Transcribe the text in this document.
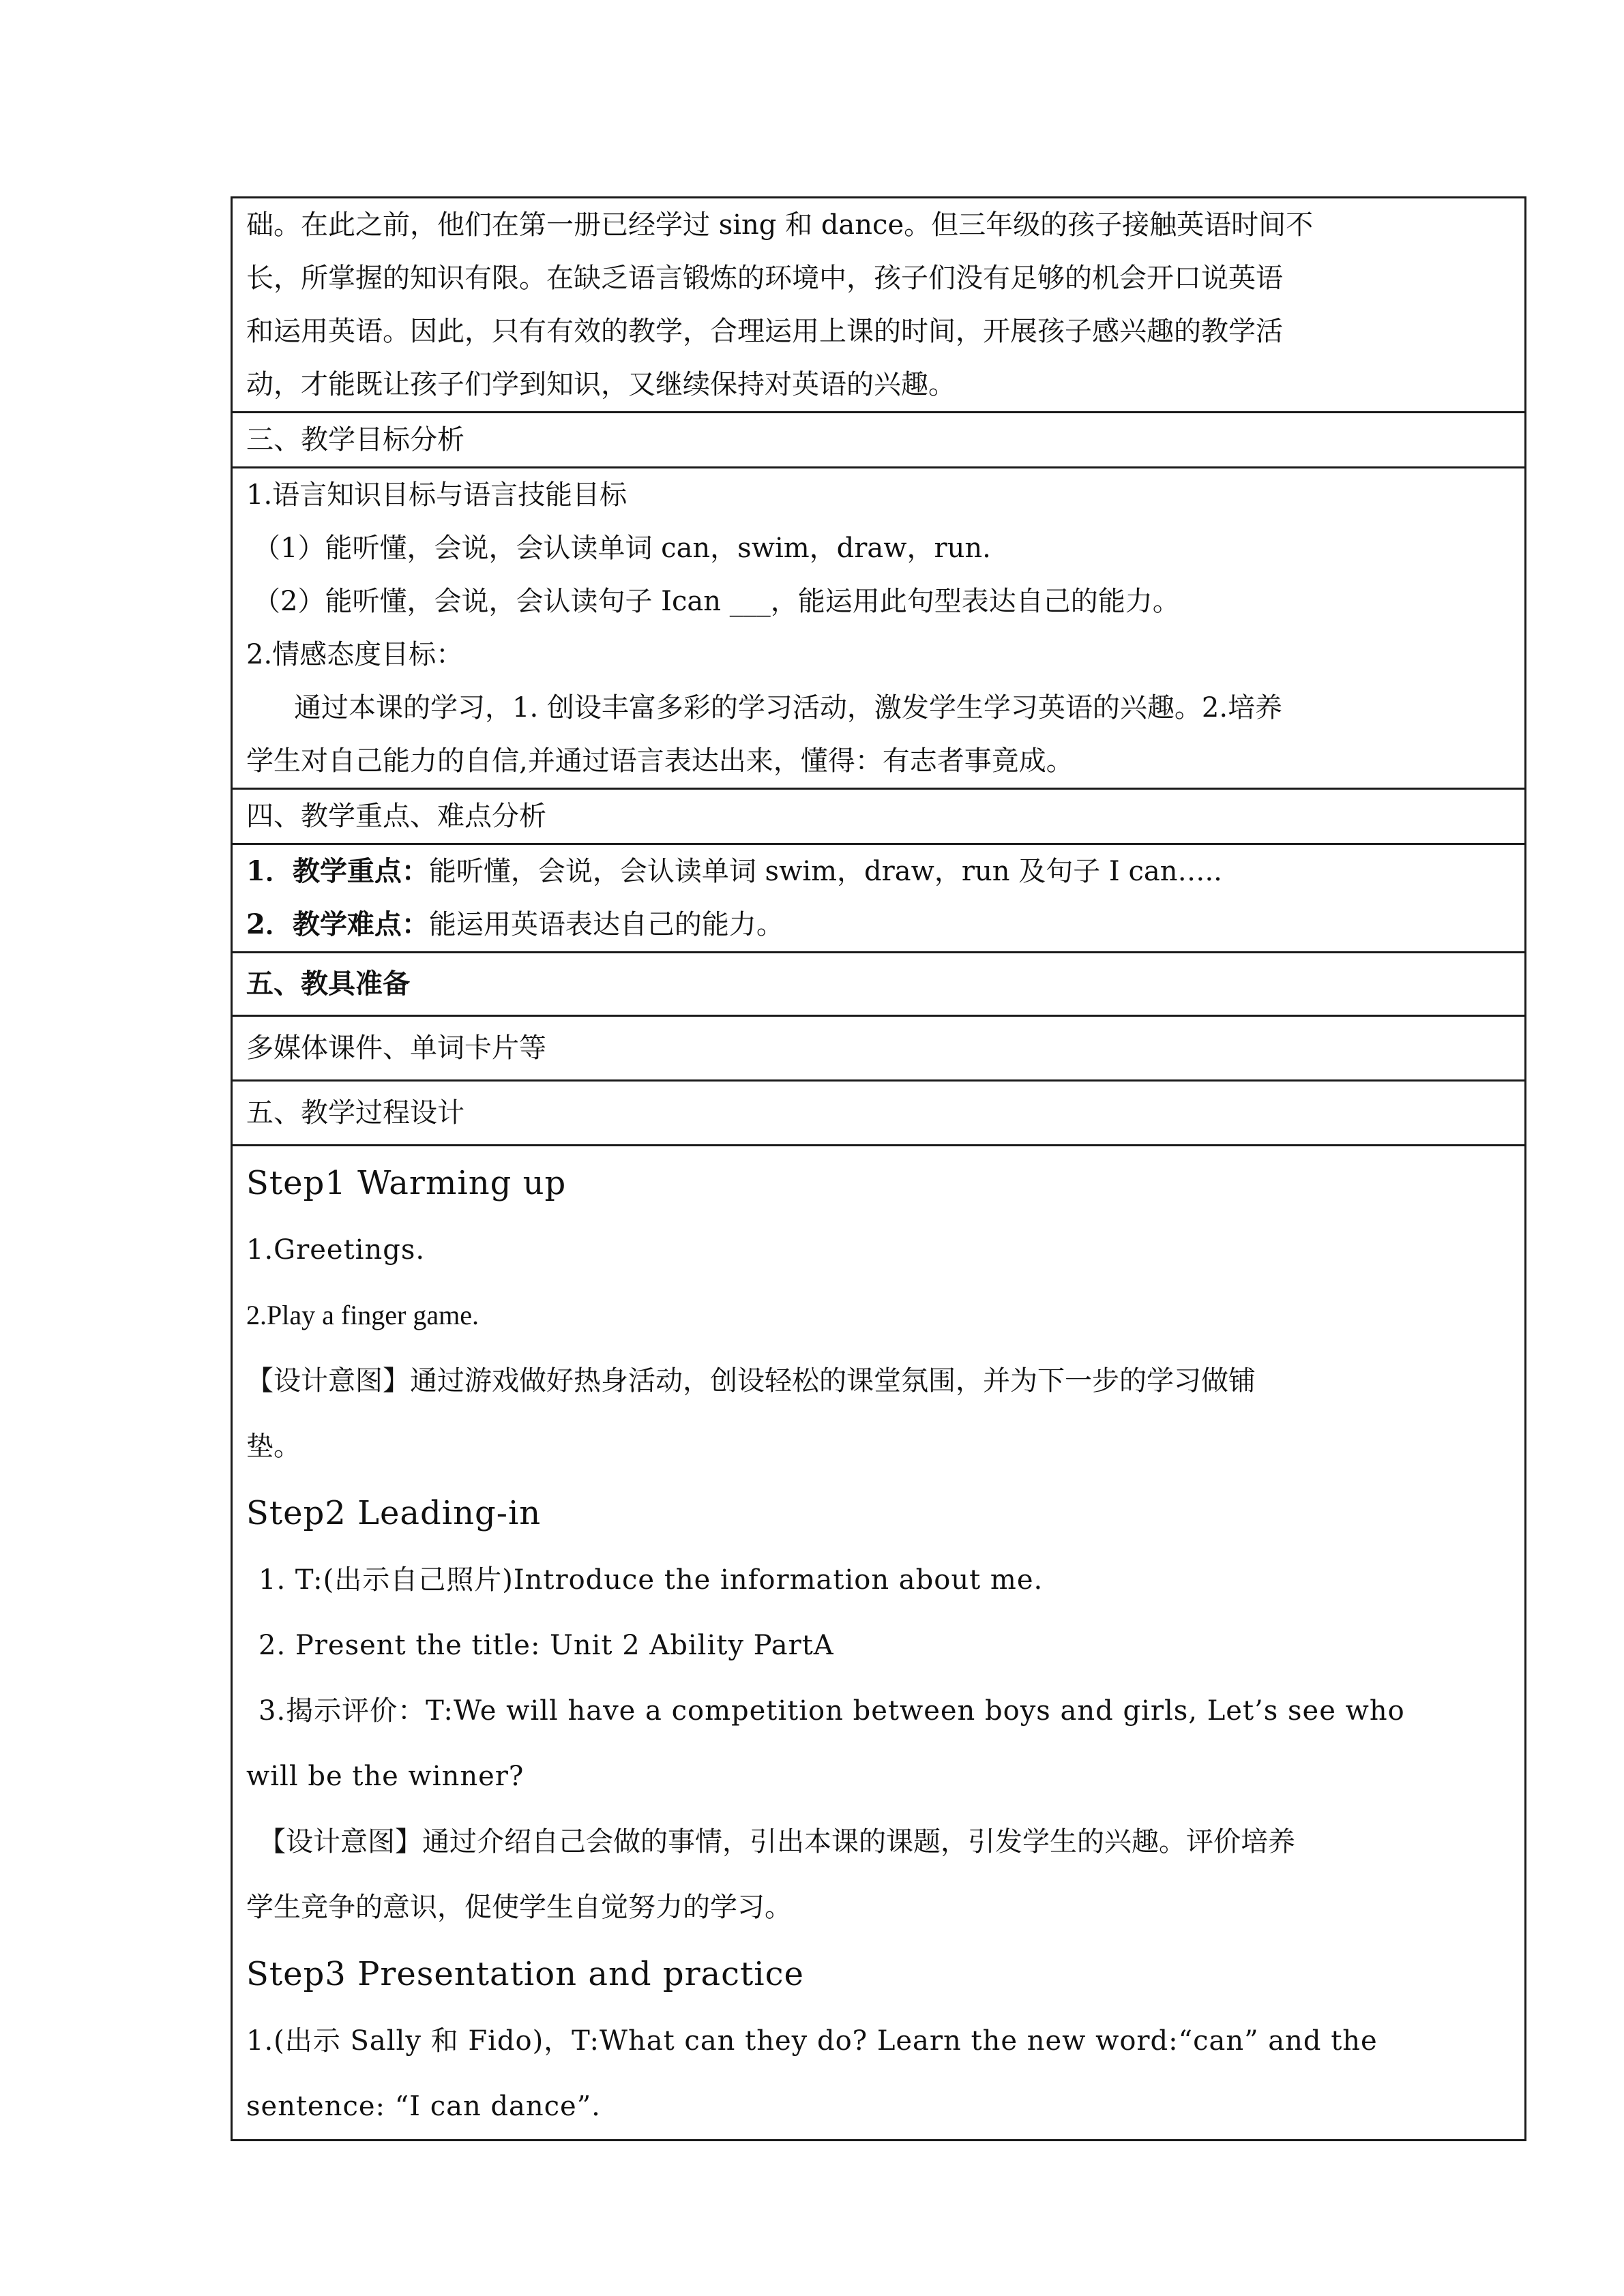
础。在此之前，他们在第一册已经学过 sing 和 dance。但三年级的孩子接触英语时间不

长，所掌握的知识有限。在缺乏语言锻炼的环境中，孩子们没有足够的机会开口说英语

和运用英语。因此，只有有效的教学，合理运用上课的时间，开展孩子感兴趣的教学活

动，才能既让孩子们学到知识，又继续保持对英语的兴趣。

三、教学目标分析

1.语言知识目标与语言技能目标

（1）能听懂，会说，会认读单词 can，swim，draw，run.

（2）能听懂，会说，会认读句子 Ican ___，能运用此句型表达自己的能力。

2.情感态度目标：

通过本课的学习，1. 创设丰富多彩的学习活动，激发学生学习英语的兴趣。2.培养

学生对自己能力的自信,并通过语言表达出来，懂得：有志者事竟成。

四、教学重点、难点分析

1．教学重点：能听懂，会说，会认读单词 swim，draw，run 及句子 I can…..

2．教学难点：能运用英语表达自己的能力。

五、教具准备

多媒体课件、单词卡片等

五、教学过程设计

Step1 Warming up

1.Greetings.

2.Play a finger game.

【设计意图】通过游戏做好热身活动，创设轻松的课堂氛围，并为下一步的学习做铺

垫。

Step2 Leading-in

1. T:(出示自己照片)Introduce the information about me.

2. Present the title: Unit 2 Ability PartA

3.揭示评价：T:We will have a competition between boys and girls, Let’s see who

will be the winner?

【设计意图】通过介绍自己会做的事情，引出本课的课题，引发学生的兴趣。评价培养

学生竞争的意识，促使学生自觉努力的学习。

Step3 Presentation and practice

1.(出示 Sally 和 Fido)，T:What can they do? Learn the new word:“can” and the

sentence: “I can dance”.
